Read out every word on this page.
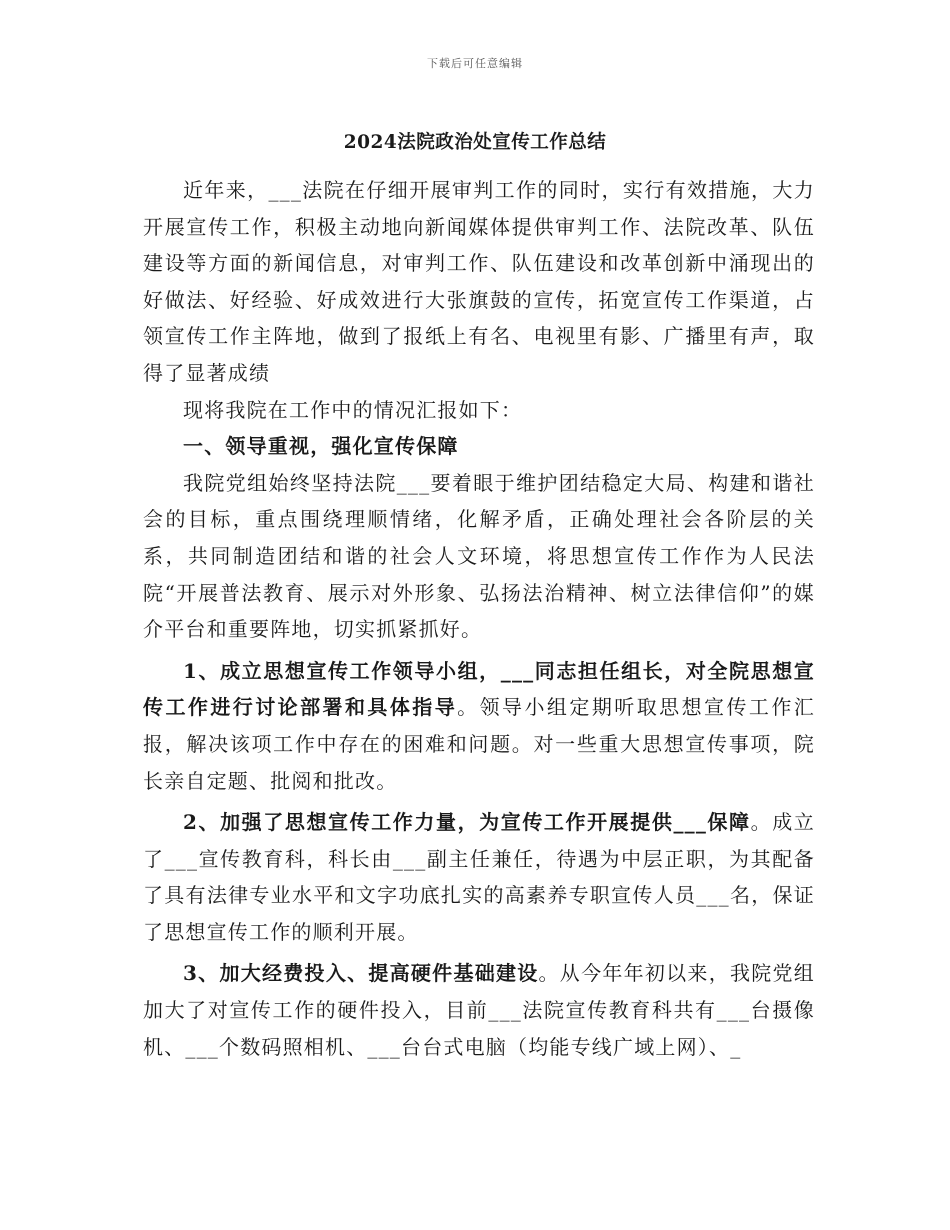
下载后可任意编辑
2024法院政治处宣传工作总结

近年来，___法院在仔细开展审判工作的同时，实行有效措施，大力开展宣传工作，积极主动地向新闻媒体提供审判工作、法院改革、队伍建设等方面的新闻信息，对审判工作、队伍建设和改革创新中涌现出的好做法、好经验、好成效进行大张旗鼓的宣传，拓宽宣传工作渠道，占领宣传工作主阵地，做到了报纸上有名、电视里有影、广播里有声，取得了显著成绩

现将我院在工作中的情况汇报如下：

一、领导重视，强化宣传保障

我院党组始终坚持法院___要着眼于维护团结稳定大局、构建和谐社会的目标，重点围绕理顺情绪，化解矛盾，正确处理社会各阶层的关系，共同制造团结和谐的社会人文环境，将思想宣传工作作为人民法院“开展普法教育、展示对外形象、弘扬法治精神、树立法律信仰”的媒介平台和重要阵地，切实抓紧抓好。

1、成立思想宣传工作领导小组，___同志担任组长，对全院思想宣传工作进行讨论部署和具体指导。领导小组定期听取思想宣传工作汇报，解决该项工作中存在的困难和问题。对一些重大思想宣传事项，院长亲自定题、批阅和批改。

2、加强了思想宣传工作力量，为宣传工作开展提供___保障。成立了___宣传教育科，科长由___副主任兼任，待遇为中层正职，为其配备了具有法律专业水平和文字功底扎实的高素养专职宣传人员___名，保证了思想宣传工作的顺利开展。

3、加大经费投入、提高硬件基础建设。从今年年初以来，我院党组加大了对宣传工作的硬件投入，目前___法院宣传教育科共有___台摄像机、___个数码照相机、___台台式电脑（均能专线广域上网）、_
